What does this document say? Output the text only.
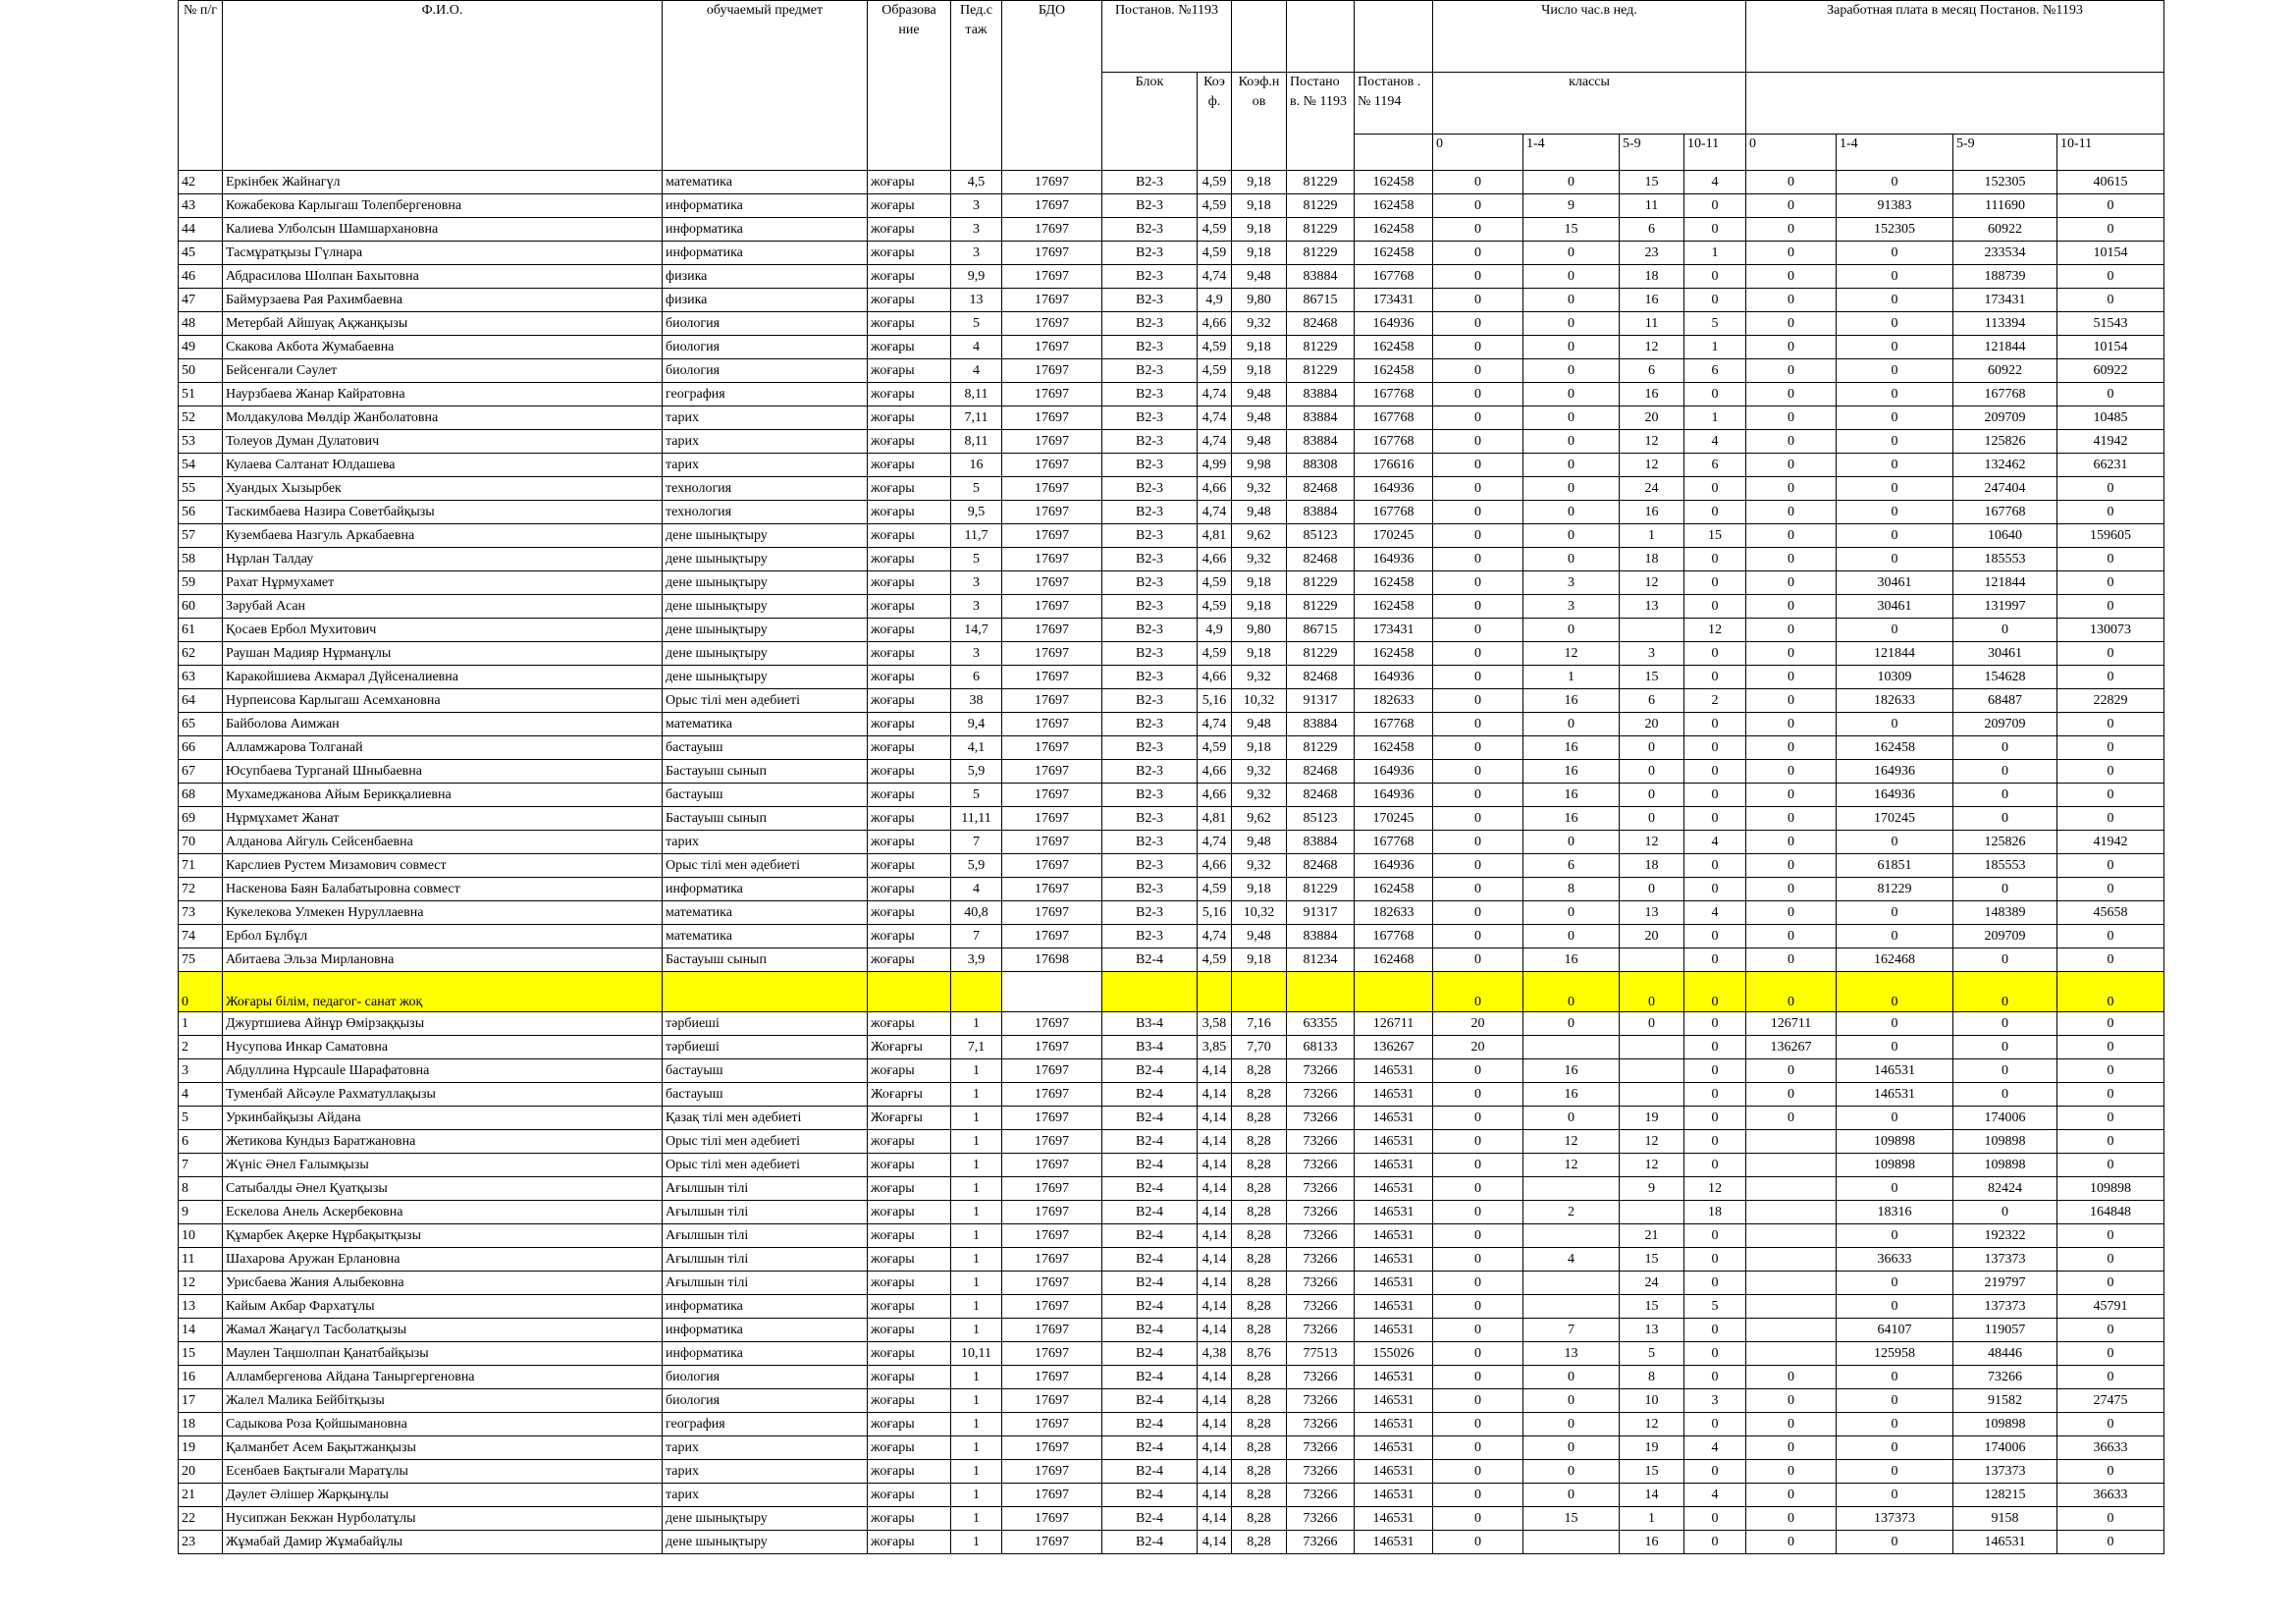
№ п/г	Ф.И.О.	обучаемый предмет	Образова ние	Пед.с таж	БДО	Постанов. №1193					Число час.в нед.				Заработная плата в месяц Постанов. №1193			
						Блок	Коэ ф.	Коэф.н ов	Постано в. № 1193	Постанов . № 1194	классы							
											0	1-4	5-9	10-11	0	1-4	5-9	10-11
42	Еркінбек Жайнагүл	математика	жоғары	4,5	17697	В2-3	4,59	9,18	81229	162458	0	0	15	4	0	0	152305	40615
43	Кожабекова Карлыгаш Толепбергеновна	информатика	жоғары	3	17697	В2-3	4,59	9,18	81229	162458	0	9	11	0	0	91383	111690	0
44	Калиева Улболсын Шамшархановна	информатика	жоғары	3	17697	В2-3	4,59	9,18	81229	162458	0	15	6	0	0	152305	60922	0
45	Тасмұратқызы Гүлнара	информатика	жоғары	3	17697	В2-3	4,59	9,18	81229	162458	0	0	23	1	0	0	233534	10154
46	Абдрасилова Шолпан Бахытовна	физика	жоғары	9,9	17697	В2-3	4,74	9,48	83884	167768	0	0	18	0	0	0	188739	0
47	Баймурзаева Рая Рахимбаевна	физика	жоғары	13	17697	В2-3	4,9	9,80	86715	173431	0	0	16	0	0	0	173431	0
48	Метербай Айшуақ Ақжанқызы	биология	жоғары	5	17697	В2-3	4,66	9,32	82468	164936	0	0	11	5	0	0	113394	51543
49	Скакова Акбота Жумабаевна	биология	жоғары	4	17697	В2-3	4,59	9,18	81229	162458	0	0	12	1	0	0	121844	10154
50	Бейсенғали Сәулет	биология	жоғары	4	17697	В2-3	4,59	9,18	81229	162458	0	0	6	6	0	0	60922	60922
51	Наурзбаева Жанар Кайратовна	география	жоғары	8,11	17697	В2-3	4,74	9,48	83884	167768	0	0	16	0	0	0	167768	0
52	Молдакулова Мөлдір Жанболатовна	тарих	жоғары	7,11	17697	В2-3	4,74	9,48	83884	167768	0	0	20	1	0	0	209709	10485
53	Толеуов Думан Дулатович	тарих	жоғары	8,11	17697	В2-3	4,74	9,48	83884	167768	0	0	12	4	0	0	125826	41942
54	Кулаева Салтанат Юлдашева	тарих	жоғары	16	17697	В2-3	4,99	9,98	88308	176616	0	0	12	6	0	0	132462	66231
55	Хуандых Хызырбек	технология	жоғары	5	17697	В2-3	4,66	9,32	82468	164936	0	0	24	0	0	0	247404	0
56	Таскимбаева Назира Советбайқызы	технология	жоғары	9,5	17697	В2-3	4,74	9,48	83884	167768	0	0	16	0	0	0	167768	0
57	Кузембаева Назгуль Аркабаевна	дене шынықтыру	жоғары	11,7	17697	В2-3	4,81	9,62	85123	170245	0	0	1	15	0	0	10640	159605
58	Нұрлан Талдау	дене шынықтыру	жоғары	5	17697	В2-3	4,66	9,32	82468	164936	0	0	18	0	0	0	185553	0
59	Рахат Нұрмухамет	дене шынықтыру	жоғары	3	17697	В2-3	4,59	9,18	81229	162458	0	3	12	0	0	30461	121844	0
60	Зәрубай Асан	дене шынықтыру	жоғары	3	17697	В2-3	4,59	9,18	81229	162458	0	3	13	0	0	30461	131997	0
61	Қосаев Ербол Мухитович	дене шынықтыру	жоғары	14,7	17697	В2-3	4,9	9,80	86715	173431	0	0		12	0	0	0	130073
62	Раушан Мадияр Нұрманұлы	дене шынықтыру	жоғары	3	17697	В2-3	4,59	9,18	81229	162458	0	12	3	0	0	121844	30461	0
63	Каракойшиева Акмарал Дүйсеналиевна	дене шынықтыру	жоғары	6	17697	В2-3	4,66	9,32	82468	164936	0	1	15	0	0	10309	154628	0
64	Нурпеисова Карлыгаш Асемхановна	Орыс тілі мен әдебиеті	жоғары	38	17697	В2-3	5,16	10,32	91317	182633	0	16	6	2	0	182633	68487	22829
65	Байболова Аимжан	математика	жоғары	9,4	17697	В2-3	4,74	9,48	83884	167768	0	0	20	0	0	0	209709	0
66	Алламжарова Толганай	бастауыш	жоғары	4,1	17697	В2-3	4,59	9,18	81229	162458	0	16	0	0	0	162458	0	0
67	Юсупбаева Турганай Шныбаевна	Бастауыш сынып	жоғары	5,9	17697	В2-3	4,66	9,32	82468	164936	0	16	0	0	0	164936	0	0
68	Мухамеджанова Айым Берикқалиевна	бастауыш	жоғары	5	17697	В2-3	4,66	9,32	82468	164936	0	16	0	0	0	164936	0	0
69	Нұрмұхамет Жанат	Бастауыш сынып	жоғары	11,11	17697	В2-3	4,81	9,62	85123	170245	0	16	0	0	0	170245	0	0
70	Алданова Айгуль Сейсенбаевна	тарих	жоғары	7	17697	В2-3	4,74	9,48	83884	167768	0	0	12	4	0	0	125826	41942
71	Карслиев Рустем Мизамович совмест	Орыс тілі мен әдебиеті	жоғары	5,9	17697	В2-3	4,66	9,32	82468	164936	0	6	18	0	0	61851	185553	0
72	Наскенова Баян Балабатыровна совмест	информатика	жоғары	4	17697	В2-3	4,59	9,18	81229	162458	0	8	0	0	0	81229	0	0
73	Кукелекова Улмекен Нуруллаевна	математика	жоғары	40,8	17697	В2-3	5,16	10,32	91317	182633	0	0	13	4	0	0	148389	45658
74	Ербол Бұлбұл	математика	жоғары	7	17697	В2-3	4,74	9,48	83884	167768	0	0	20	0	0	0	209709	0
75	Абитаева Эльза Мирлановна	Бастауыш сынып	жоғары	3,9	17698	В2-4	4,59	9,18	81234	162468	0	16		0	0	162468	0	0
0	Жоғары білім, педагог- санат жоқ										0	0	0	0	0	0	0	0
1	Джуртшиева Айнұр Өмірзаққызы	тәрбиеші	жоғары	1	17697	В3-4	3,58	7,16	63355	126711	20	0	0	0	126711	0	0	0
2	Нусупова Инкар Саматовна	тәрбиеші	Жоғарғы	7,1	17697	В3-4	3,85	7,70	68133	136267	20			0	136267	0	0	0
3	Абдуллина Нұрсаule Шарафатовна	бастауыш	жоғары	1	17697	В2-4	4,14	8,28	73266	146531	0	16		0	0	146531	0	0
4	Туменбай Айсәуле Рахматуллақызы	бастауыш	Жоғарғы	1	17697	В2-4	4,14	8,28	73266	146531	0	16		0	0	146531	0	0
5	Уркинбайқызы Айдана	Қазақ тілі мен әдебиеті	Жоғарғы	1	17697	В2-4	4,14	8,28	73266	146531	0	0	19	0	0	0	174006	0
6	Жетикова Кундыз Баратжановна	Орыс тілі мен әдебиеті	жоғары	1	17697	В2-4	4,14	8,28	73266	146531	0	12	12	0		109898	109898	0
7	Жүніс Әнел Ғалымқызы	Орыс тілі мен әдебиеті	жоғары	1	17697	В2-4	4,14	8,28	73266	146531	0	12	12	0		109898	109898	0
8	Сатыбалды Әнел Қуатқызы	Ағылшын тілі	жоғары	1	17697	В2-4	4,14	8,28	73266	146531	0		9	12		0	82424	109898
9	Ескелова Анель Аскербековна	Ағылшын тілі	жоғары	1	17697	В2-4	4,14	8,28	73266	146531	0	2		18		18316	0	164848
10	Құмарбек Ақерке Нұрбақытқызы	Ағылшын тілі	жоғары	1	17697	В2-4	4,14	8,28	73266	146531	0		21	0		0	192322	0
11	Шахарова Аружан Ерлановна	Ағылшын тілі	жоғары	1	17697	В2-4	4,14	8,28	73266	146531	0	4	15	0		36633	137373	0
12	Урисбаева Жания Алыбековна	Ағылшын тілі	жоғары	1	17697	В2-4	4,14	8,28	73266	146531	0		24	0		0	219797	0
13	Кайым Акбар Фархатұлы	информатика	жоғары	1	17697	В2-4	4,14	8,28	73266	146531	0		15	5		0	137373	45791
14	Жамал Жаңагүл Тасболатқызы	информатика	жоғары	1	17697	В2-4	4,14	8,28	73266	146531	0	7	13	0		64107	119057	0
15	Маулен Таңшолпан Қанатбайқызы	информатика	жоғары	10,11	17697	В2-4	4,38	8,76	77513	155026	0	13	5	0		125958	48446	0
16	Алламбергенова Айдана Таныргергеновна	биология	жоғары	1	17697	В2-4	4,14	8,28	73266	146531	0	0	8	0	0	0	73266	0
17	Жалел Малика Бейбітқызы	биология	жоғары	1	17697	В2-4	4,14	8,28	73266	146531	0	0	10	3	0	0	91582	27475
18	Садыкова Роза Қойшымановна	география	жоғары	1	17697	В2-4	4,14	8,28	73266	146531	0	0	12	0	0	0	109898	0
19	Қалманбет Асем Бақытжанқызы	тарих	жоғары	1	17697	В2-4	4,14	8,28	73266	146531	0	0	19	4	0	0	174006	36633
20	Есенбаев Бақтығали Маратұлы	тарих	жоғары	1	17697	В2-4	4,14	8,28	73266	146531	0	0	15	0	0	0	137373	0
21	Дәулет Әлішер Жарқынұлы	тарих	жоғары	1	17697	В2-4	4,14	8,28	73266	146531	0	0	14	4	0	0	128215	36633
22	Нусипжан Бекжан Нурболатұлы	дене шынықтыру	жоғары	1	17697	В2-4	4,14	8,28	73266	146531	0	15	1	0	0	137373	9158	0
23	Жұмабай Дамир Жұмабайұлы	дене шынықтыру	жоғары	1	17697	В2-4	4,14	8,28	73266	146531	0		16	0	0	0	146531	0
